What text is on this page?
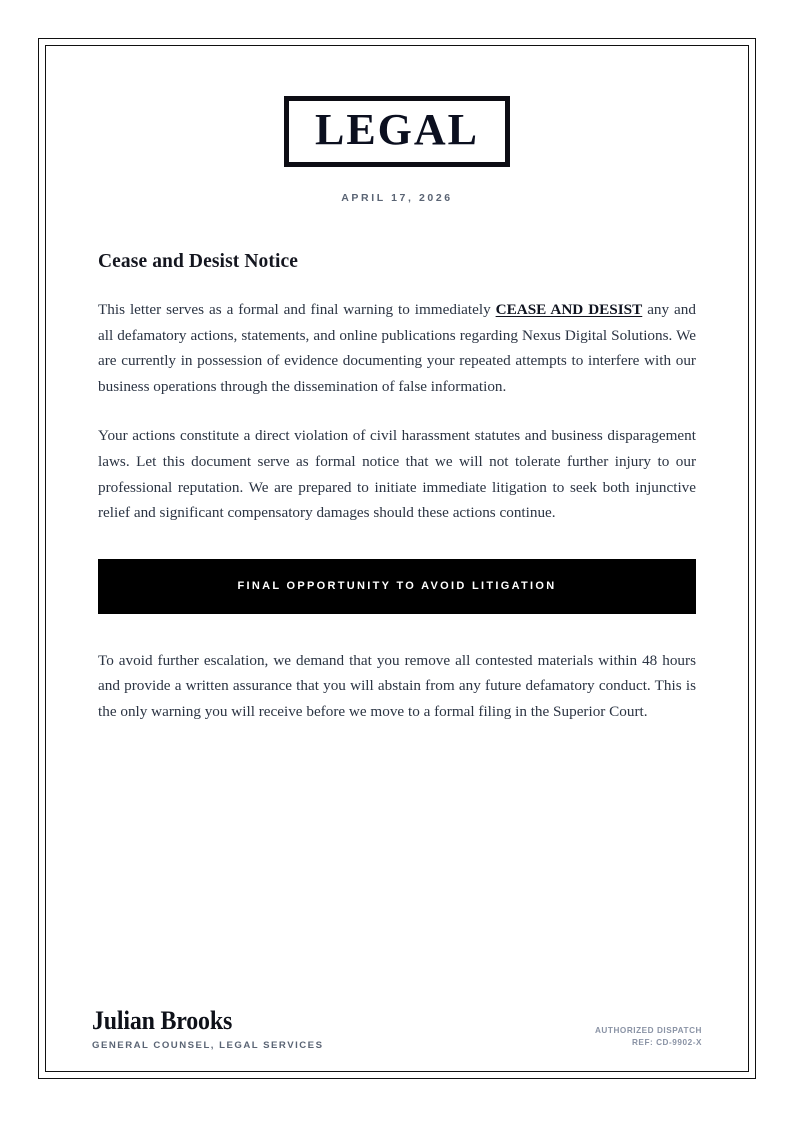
LEGAL
APRIL 17, 2026
Cease and Desist Notice

This letter serves as a formal and final warning to immediately CEASE AND DESIST any and all defamatory actions, statements, and online publications regarding Nexus Digital Solutions. We are currently in possession of evidence documenting your repeated attempts to interfere with our business operations through the dissemination of false information.

Your actions constitute a direct violation of civil harassment statutes and business disparagement laws. Let this document serve as formal notice that we will not tolerate further injury to our professional reputation. We are prepared to initiate immediate litigation to seek both injunctive relief and significant compensatory damages should these actions continue.

FINAL OPPORTUNITY TO AVOID LITIGATION

To avoid further escalation, we demand that you remove all contested materials within 48 hours and provide a written assurance that you will abstain from any future defamatory conduct. This is the only warning you will receive before we move to a formal filing in the Superior Court.

Julian Brooks
GENERAL COUNSEL, LEGAL SERVICES
AUTHORIZED DISPATCH
REF: CD-9902-X
